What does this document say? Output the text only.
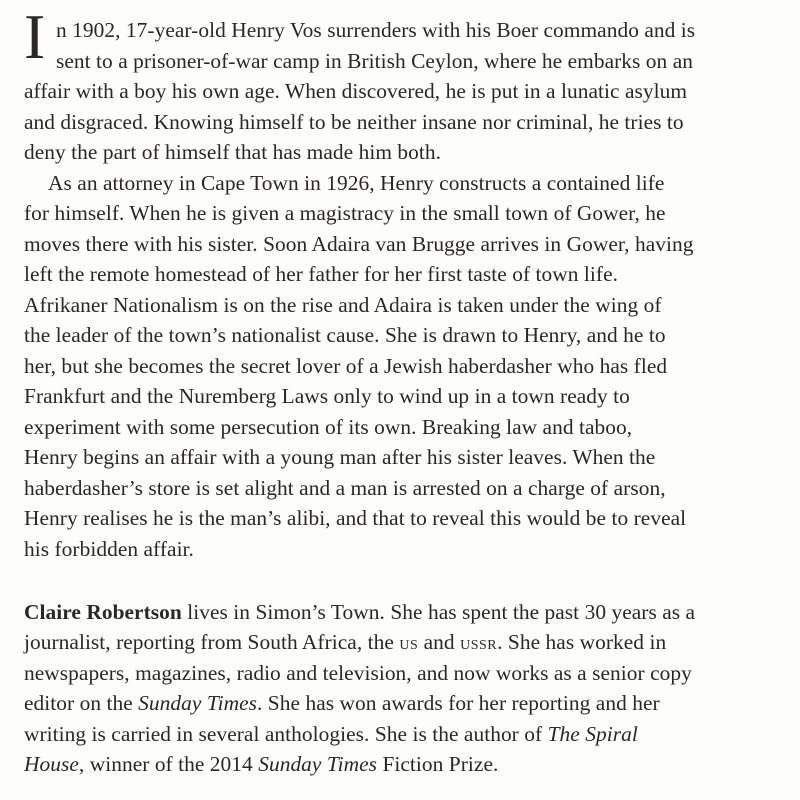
I n 1902, 17-year-old Henry Vos surrenders with his Boer commando and is
sent to a prisoner-of-war camp in British Ceylon, where he embarks on an
affair with a boy his own age. When discovered, he is put in a lunatic asylum
and disgraced. Knowing himself to be neither insane nor criminal, he tries to
deny the part of himself that has made him both.
As an attorney in Cape Town in 1926, Henry constructs a contained life
for himself. When he is given a magistracy in the small town of Gower, he
moves there with his sister. Soon Adaira van Brugge arrives in Gower, having
left the remote homestead of her father for her first taste of town life.
Afrikaner Nationalism is on the rise and Adaira is taken under the wing of
the leader of the town’s nationalist cause. She is drawn to Henry, and he to
her, but she becomes the secret lover of a Jewish haberdasher who has fled
Frankfurt and the Nuremberg Laws only to wind up in a town ready to
experiment with some persecution of its own. Breaking law and taboo,
Henry begins an affair with a young man after his sister leaves. When the
haberdasher’s store is set alight and a man is arrested on a charge of arson,
Henry realises he is the man’s alibi, and that to reveal this would be to reveal
his forbidden affair.
Claire Robertson lives in Simon’s Town. She has spent the past 30 years as a
journalist, reporting from South Africa, the us and ussr. She has worked in
newspapers, magazines, radio and television, and now works as a senior copy
editor on the Sunday Times. She has won awards for her reporting and her
writing is carried in several anthologies. She is the author of The Spiral
House, winner of the 2014 Sunday Times Fiction Prize.
